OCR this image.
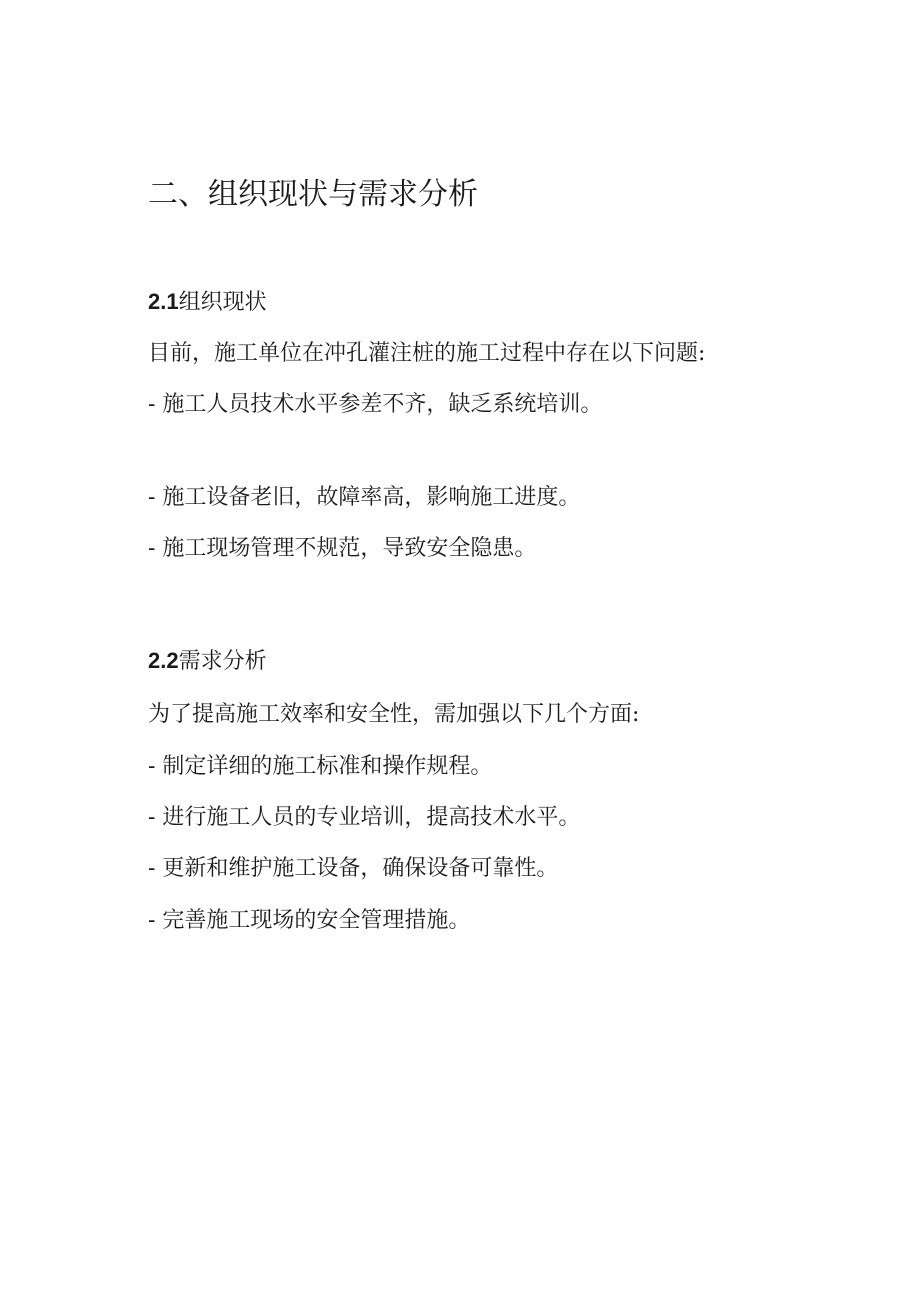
二、组织现状与需求分析
2.1组织现状

目前，施工单位在冲孔灌注桩的施工过程中存在以下问题:

- 施工人员技术水平参差不齐，缺乏系统培训。

- 施工设备老旧，故障率高，影响施工进度。

- 施工现场管理不规范，导致安全隐患。

2.2需求分析

为了提高施工效率和安全性，需加强以下几个方面:

- 制定详细的施工标准和操作规程。

- 进行施工人员的专业培训，提高技术水平。

- 更新和维护施工设备，确保设备可靠性。

- 完善施工现场的安全管理措施。
